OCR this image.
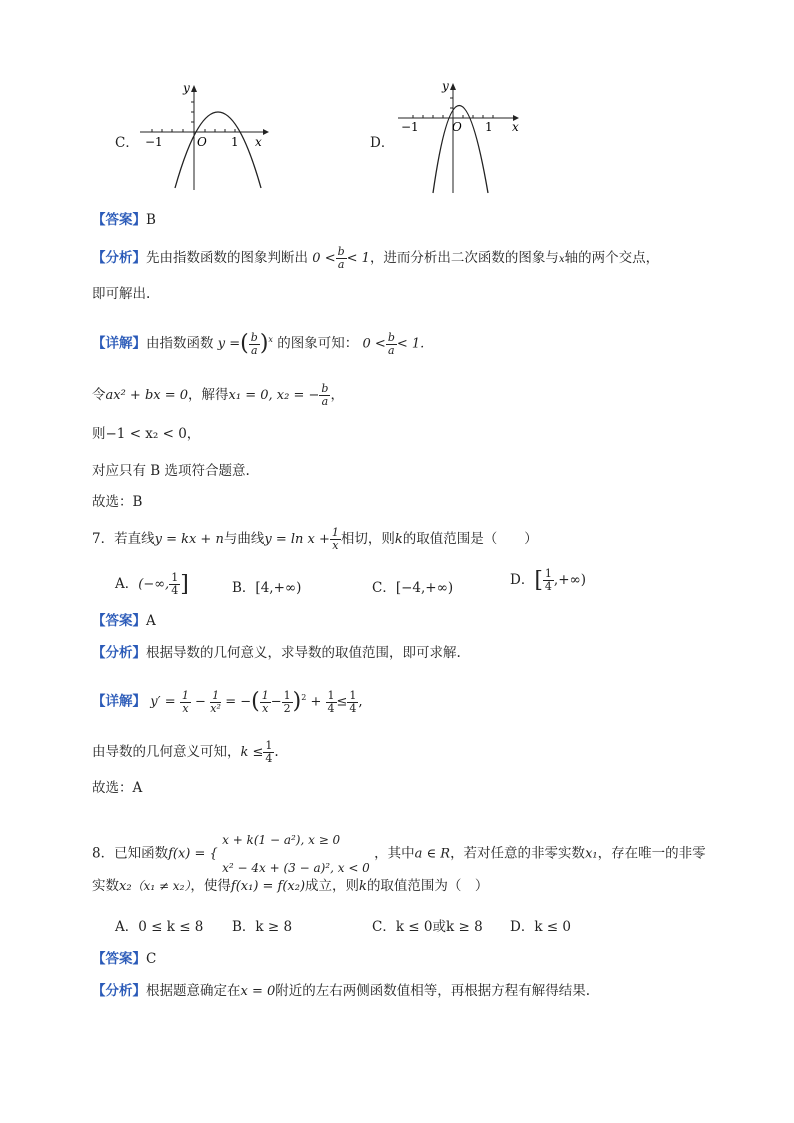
C．
y
x
O
−1	1	D．
y
x
O
−1	1
【答案】B
【分析】先由指数函数的图象判断出 $0 < \frac{b}{a} < 1$，进而分析出二次函数的图象与x轴的两个交点，
即可解出.
【详解】由指数函数 y =( $\frac{b}{a} )^x$ 的图象可知： $0 < \frac{b}{a} < 1$.
令ax² + bx = 0，解得x₁ = 0, x₂ = − $\frac{b}{a}$ ，
则−1 < x₂ < 0，
对应只有 B 选项符合题意.
故选：B
7．若直线y = kx + n与曲线$y = \ln x + \frac{1}{x}$ 相切，则k的取值范围是（　　）
A．(−∞, $\frac{1}{4}$ ]	B．[4,+∞)	C．[−4,+∞)	D．[ $\frac{1}{4}$ ,+∞)
【答案】A
【分析】根据导数的几何意义，求导数的取值范围，即可求解.
【详解】 $y' = \frac{1}{x} - \frac{1}{\text{x²}}$ = −( $\frac{1}{x} - \frac{1}{2} )^2 + \frac{1}{4} \le \frac{1}{4}$ ,
由导数的几何意义可知，$k \le \frac{1}{4}$ .
故选：A
8．已知函数f(x) = {
x + k(1 − a²), x ≥ 0
x² − 4x + (3 − a)², x < 0
，其中a ∈ R，若对任意的非零实数x₁，存在唯一的非零
实数x₂（x₁ ≠ x₂），使得f(x₁) = f(x₂)成立，则k的取值范围为（　）
A．0 ≤ k ≤ 8 B．k ≥ 8	C．k ≤ 0或k ≥ 8 D．k ≤ 0
【答案】C
【分析】根据题意确定在x = 0附近的左右两侧函数值相等，再根据方程有解得结果.
